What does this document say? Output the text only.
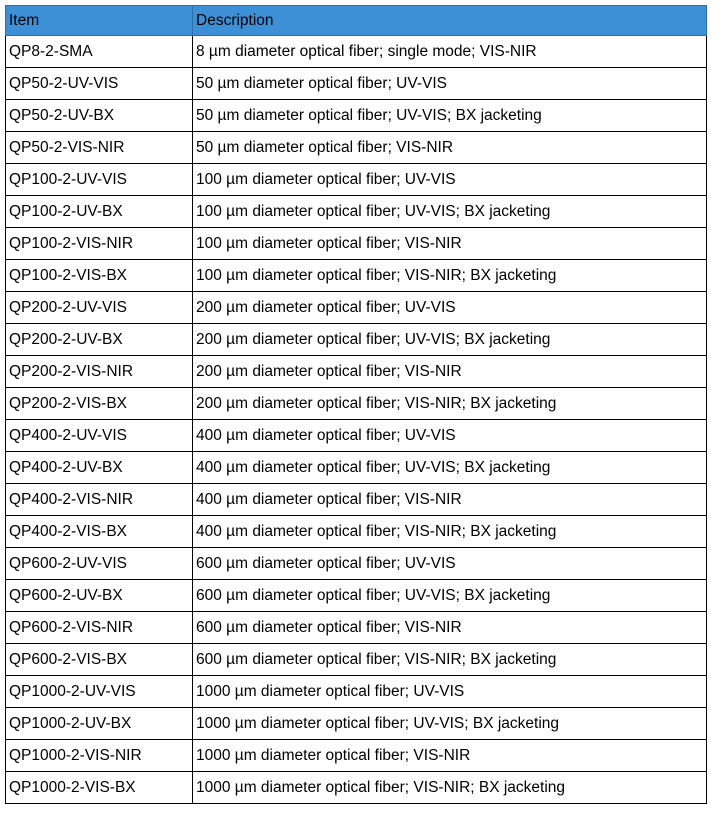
Item	Description
QP8-2-SMA	8 µm diameter optical fiber; single mode; VIS-NIR
QP50-2-UV-VIS	50 µm diameter optical fiber; UV-VIS
QP50-2-UV-BX	50 µm diameter optical fiber; UV-VIS; BX jacketing
QP50-2-VIS-NIR	50 µm diameter optical fiber; VIS-NIR
QP100-2-UV-VIS	100 µm diameter optical fiber; UV-VIS
QP100-2-UV-BX	100 µm diameter optical fiber; UV-VIS; BX jacketing
QP100-2-VIS-NIR	100 µm diameter optical fiber; VIS-NIR
QP100-2-VIS-BX	100 µm diameter optical fiber; VIS-NIR; BX jacketing
QP200-2-UV-VIS	200 µm diameter optical fiber; UV-VIS
QP200-2-UV-BX	200 µm diameter optical fiber; UV-VIS; BX jacketing
QP200-2-VIS-NIR	200 µm diameter optical fiber; VIS-NIR
QP200-2-VIS-BX	200 µm diameter optical fiber; VIS-NIR; BX jacketing
QP400-2-UV-VIS	400 µm diameter optical fiber; UV-VIS
QP400-2-UV-BX	400 µm diameter optical fiber; UV-VIS; BX jacketing
QP400-2-VIS-NIR	400 µm diameter optical fiber; VIS-NIR
QP400-2-VIS-BX	400 µm diameter optical fiber; VIS-NIR; BX jacketing
QP600-2-UV-VIS	600 µm diameter optical fiber; UV-VIS
QP600-2-UV-BX	600 µm diameter optical fiber; UV-VIS; BX jacketing
QP600-2-VIS-NIR	600 µm diameter optical fiber; VIS-NIR
QP600-2-VIS-BX	600 µm diameter optical fiber; VIS-NIR; BX jacketing
QP1000-2-UV-VIS	1000 µm diameter optical fiber; UV-VIS
QP1000-2-UV-BX	1000 µm diameter optical fiber; UV-VIS; BX jacketing
QP1000-2-VIS-NIR	1000 µm diameter optical fiber; VIS-NIR
QP1000-2-VIS-BX	1000 µm diameter optical fiber; VIS-NIR; BX jacketing
